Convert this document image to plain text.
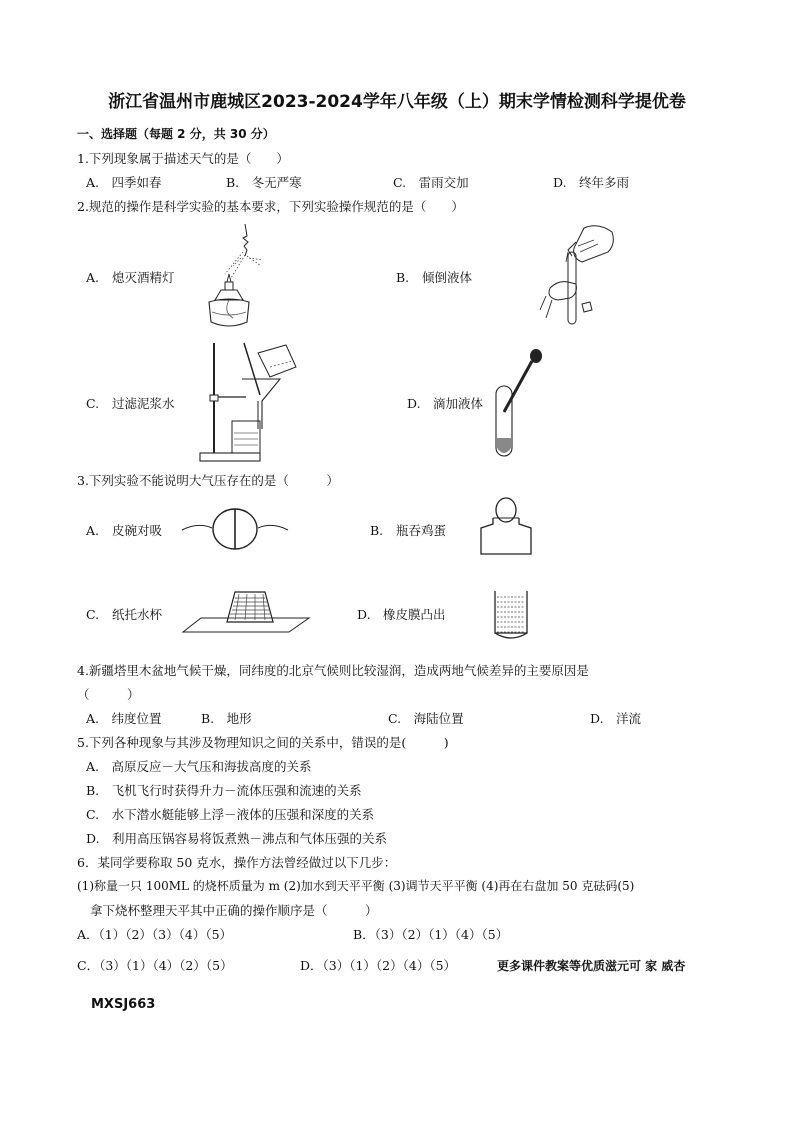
浙江省温州市鹿城区2023-2024学年八年级（上）期末学情检测科学提优卷
一、选择题（每题 2 分，共 30 分）
1.下列现象属于描述天气的是（　　）
A.　四季如春	B.　冬无严寒	C.　雷雨交加	D.　终年多雨
2.规范的操作是科学实验的基本要求，下列实验操作规范的是（　　）
A. 熄灭酒精灯	B. 倾倒液体
C. 过滤泥浆水	D. 滴加液体
3.下列实验不能说明大气压存在的是（　　　）
A. 皮碗对吸	B. 瓶吞鸡蛋
C. 纸托水杯	D. 橡皮膜凸出
4.新疆塔里木盆地气候干燥，同纬度的北京气候则比较湿润，造成两地气候差异的主要原因是
（　　　）
A.　纬度位置	B.　地形	C.　海陆位置	D.　洋流
5.下列各种现象与其涉及物理知识之间的关系中，错误的是(　　　)
A.　高原反应－大气压和海拔高度的关系
B.　飞机飞行时获得升力－流体压强和流速的关系
C.　水下潜水艇能够上浮－液体的压强和深度的关系
D.　利用高压锅容易将饭煮熟－沸点和气体压强的关系
6．某同学要称取 50 克水，操作方法曾经做过以下几步：
(1)称量一只 100ML 的烧杯质量为 m (2)加水到天平平衡 (3)调节天平平衡 (4)再在右盘加 50 克砝码(5)
拿下烧杯整理天平其中正确的操作顺序是（　　　）
A．（1）（2）（3）（4）（5）	B．（3）（2）（1）（4）（5）
C．（3）（1）（4）（2）（5）	D．（3）（1）（2）（4）（5）	更多课件教案等优质滋元可 家 威杏
MXSJ663
